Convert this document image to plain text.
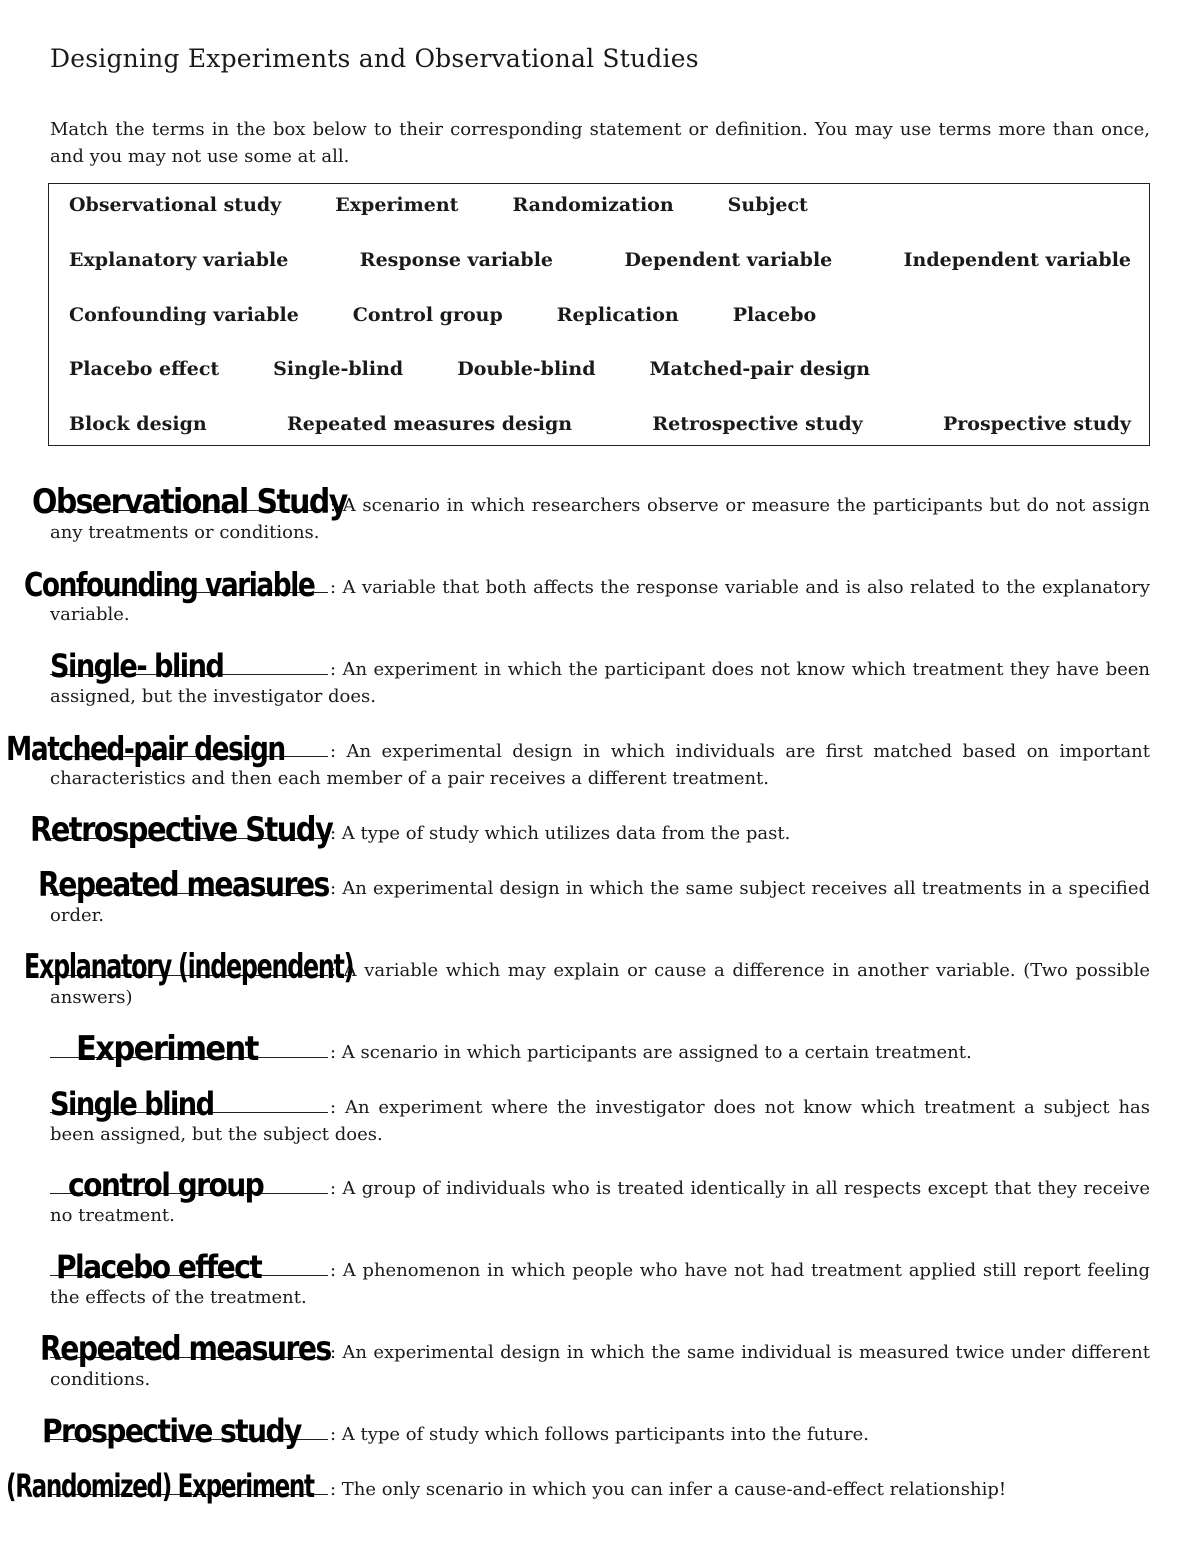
Designing Experiments and Observational Studies
Match the terms in the box below to their corresponding statement or definition. You may use terms more than once, and you may not use some at all.
Observational study	Experiment	Randomization	Subject
Explanatory variable	Response variable	Dependent variable	Independent variable
Confounding variable	Control group	Replication	Placebo
Placebo effect	Single-blind	Double-blind	Matched-pair design
Block design	Repeated measures design	Retrospective study	Prospective study
Observational Study
: A scenario in which researchers observe or measure the participants but do not assign any treatments or conditions.
Confounding variable : A variable that both affects the response variable and is also related to the explanatory variable.
Single- blind	: An experiment in which the participant does not know which treatment they have been assigned, but the investigator does.
Matched-pair design	: An experimental design in which individuals are first matched based on important characteristics and then each member of a pair receives a different treatment.
Retrospective Study
: A type of study which utilizes data from the past.
Repeated measures : An experimental design in which the same subject receives all treatments in a specified order.
Explanatory (independent)
: A variable which may explain or cause a difference in another variable. (Two possible answers)
Experiment	: A scenario in which participants are assigned to a certain treatment.
Single blind	: An experiment where the investigator does not know which treatment a subject has been assigned, but the subject does.
control group	: A group of individuals who is treated identically in all respects except that they receive no treatment.
Placebo effect	: A phenomenon in which people who have not had treatment applied still report feeling the effects of the treatment.
Repeated measures : An experimental design in which the same individual is measured twice under different conditions.
Prospective study : A type of study which follows participants into the future.
(Randomized) Experiment : The only scenario in which you can infer a cause-and-effect relationship!
